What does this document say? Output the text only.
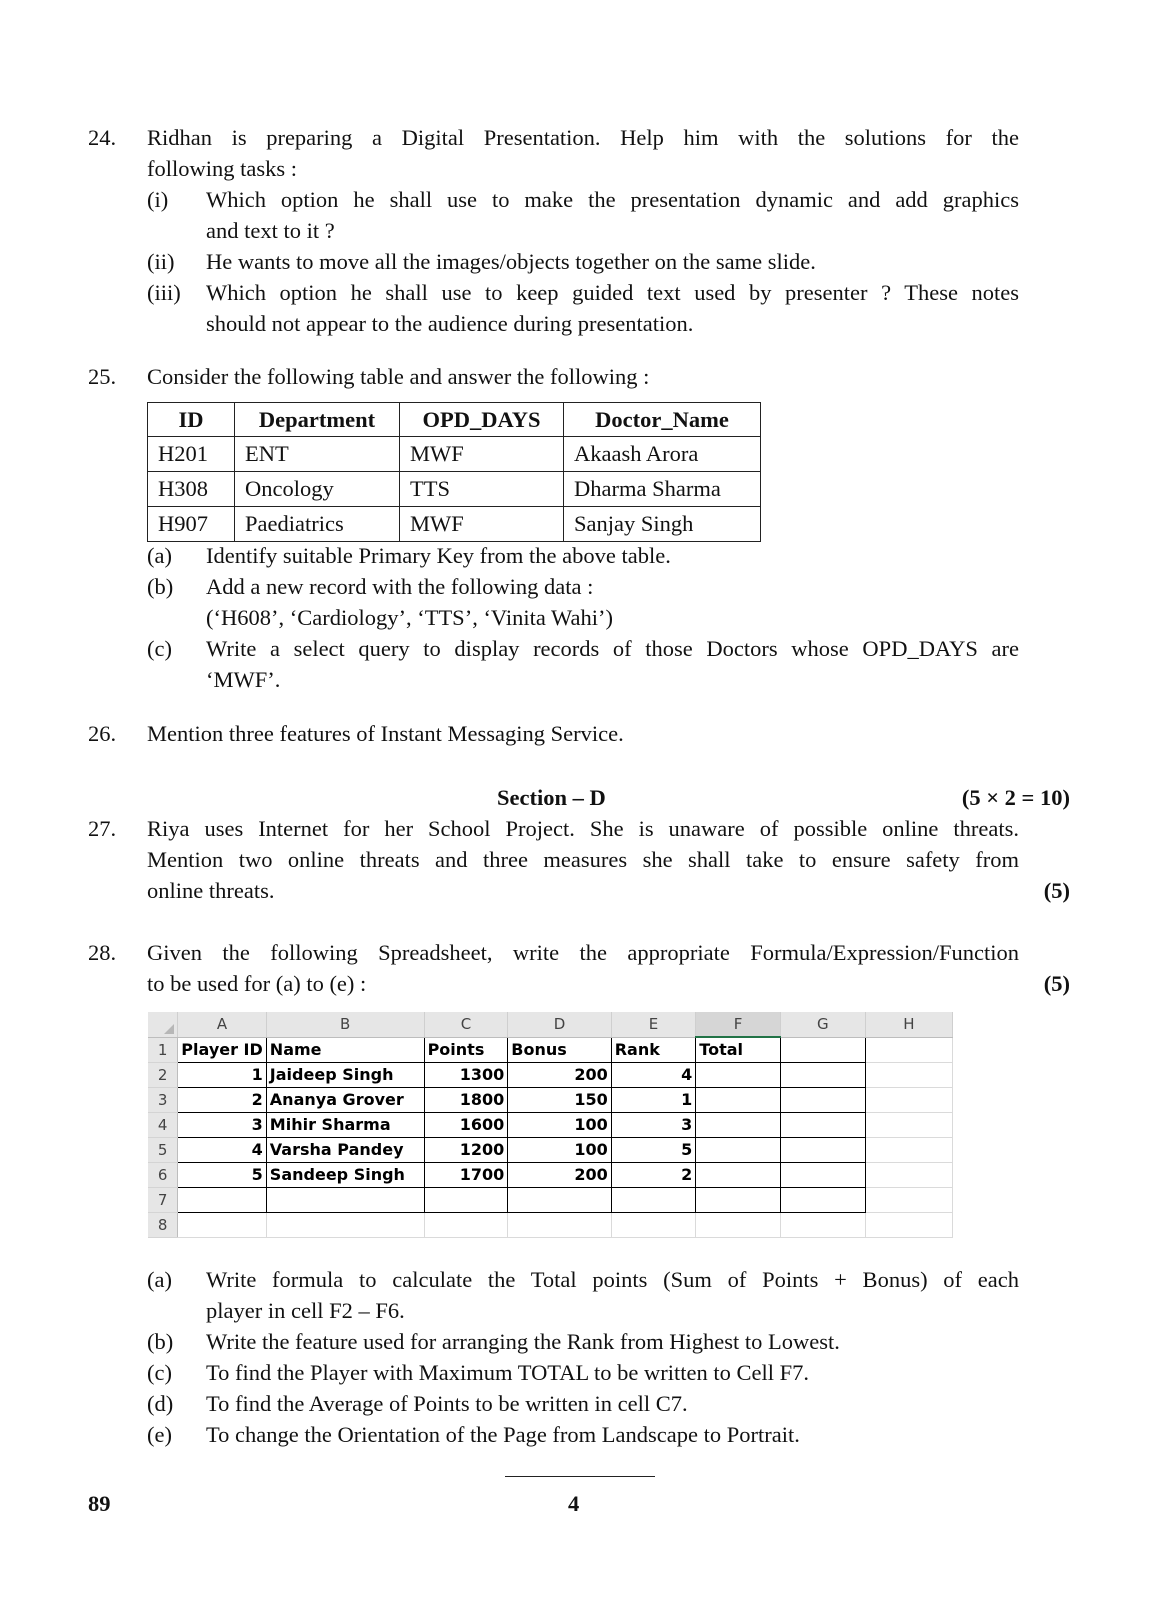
24. Ridhan is preparing a Digital Presentation. Help him with the solutions for the
following tasks :
(i) Which option he shall use to make the presentation dynamic and add graphics
and text to it ?
(ii) He wants to move all the images/objects together on the same slide.
(iii) Which option he shall use to keep guided text used by presenter ? These notes
should not appear to the audience during presentation.
25. Consider the following table and answer the following :
ID	Department	OPD_DAYS	Doctor_Name
H201	ENT	MWF	Akaash Arora
H308	Oncology	TTS	Dharma Sharma
H907	Paediatrics	MWF	Sanjay Singh
(a) Identify suitable Primary Key from the above table.
(b) Add a new record with the following data :
(‘H608’, ‘Cardiology’, ‘TTS’, ‘Vinita Wahi’)
(c) Write a select query to display records of those Doctors whose OPD_DAYS are
‘MWF’.
26. Mention three features of Instant Messaging Service.
Section – D	(5 × 2 = 10)
27. Riya uses Internet for her School Project. She is unaware of possible online threats.
Mention two online threats and three measures she shall take to ensure safety from
online threats.	(5)
28. Given the following Spreadsheet, write the appropriate Formula/Expression/Function
to be used for (a) to (e) :	(5)
	A	B	C	D	E	F	G	H
1	Player ID	Name	Points	Bonus	Rank	Total		
2	1	Jaideep Singh	1300	200	4			
3	2	Ananya Grover	1800	150	1			
4	3	Mihir Sharma	1600	100	3			
5	4	Varsha Pandey	1200	100	5			
6	5	Sandeep Singh	1700	200	2			
7								
8								
(a) Write formula to calculate the Total points (Sum of Points + Bonus) of each
player in cell F2 – F6.
(b) Write the feature used for arranging the Rank from Highest to Lowest.
(c) To find the Player with Maximum TOTAL to be written to Cell F7.
(d) To find the Average of Points to be written in cell C7.
(e) To change the Orientation of the Page from Landscape to Portrait.
89	4
